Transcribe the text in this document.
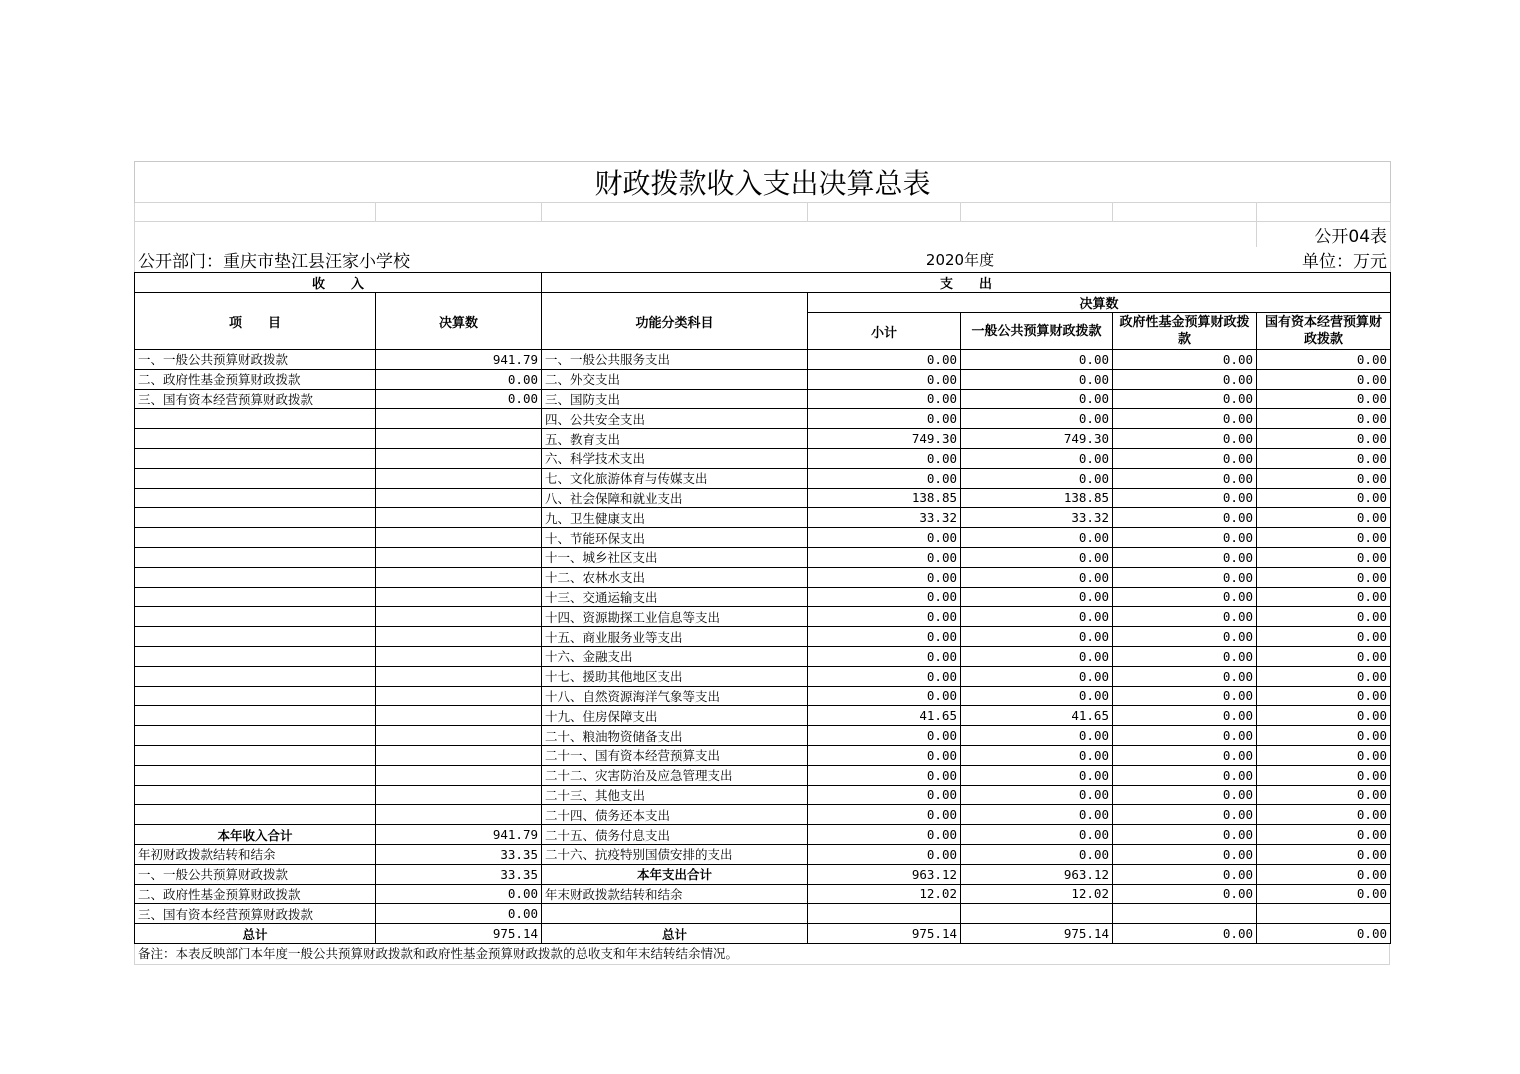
财政拨款收入支出决算总表						

						公开04表
公开部门：重庆市垫江县汪家小学校			2020年度			单位：万元
收　　入		支　　出				
项　　目	决算数	功能分类科目	决算数			
			小计	一般公共预算财政拨款	政府性基金预算财政拨款	国有资本经营预算财政拨款
一、一般公共预算财政拨款	941.79	一、一般公共服务支出	0.00	0.00	0.00	0.00
二、政府性基金预算财政拨款	0.00	二、外交支出	0.00	0.00	0.00	0.00
三、国有资本经营预算财政拨款	0.00	三、国防支出	0.00	0.00	0.00	0.00
		四、公共安全支出	0.00	0.00	0.00	0.00
		五、教育支出	749.30	749.30	0.00	0.00
		六、科学技术支出	0.00	0.00	0.00	0.00
		七、文化旅游体育与传媒支出	0.00	0.00	0.00	0.00
		八、社会保障和就业支出	138.85	138.85	0.00	0.00
		九、卫生健康支出	33.32	33.32	0.00	0.00
		十、节能环保支出	0.00	0.00	0.00	0.00
		十一、城乡社区支出	0.00	0.00	0.00	0.00
		十二、农林水支出	0.00	0.00	0.00	0.00
		十三、交通运输支出	0.00	0.00	0.00	0.00
		十四、资源勘探工业信息等支出	0.00	0.00	0.00	0.00
		十五、商业服务业等支出	0.00	0.00	0.00	0.00
		十六、金融支出	0.00	0.00	0.00	0.00
		十七、援助其他地区支出	0.00	0.00	0.00	0.00
		十八、自然资源海洋气象等支出	0.00	0.00	0.00	0.00
		十九、住房保障支出	41.65	41.65	0.00	0.00
		二十、粮油物资储备支出	0.00	0.00	0.00	0.00
		二十一、国有资本经营预算支出	0.00	0.00	0.00	0.00
		二十二、灾害防治及应急管理支出	0.00	0.00	0.00	0.00
		二十三、其他支出	0.00	0.00	0.00	0.00
		二十四、债务还本支出	0.00	0.00	0.00	0.00
本年收入合计	941.79	二十五、债务付息支出	0.00	0.00	0.00	0.00
年初财政拨款结转和结余	33.35	二十六、抗疫特别国债安排的支出	0.00	0.00	0.00	0.00
一、一般公共预算财政拨款	33.35	本年支出合计	963.12	963.12	0.00	0.00
二、政府性基金预算财政拨款	0.00	年末财政拨款结转和结余	12.02	12.02	0.00	0.00
三、国有资本经营预算财政拨款	0.00					
总计	975.14	总计	975.14	975.14	0.00	0.00
备注：本表反映部门本年度一般公共预算财政拨款和政府性基金预算财政拨款的总收支和年末结转结余情况。
